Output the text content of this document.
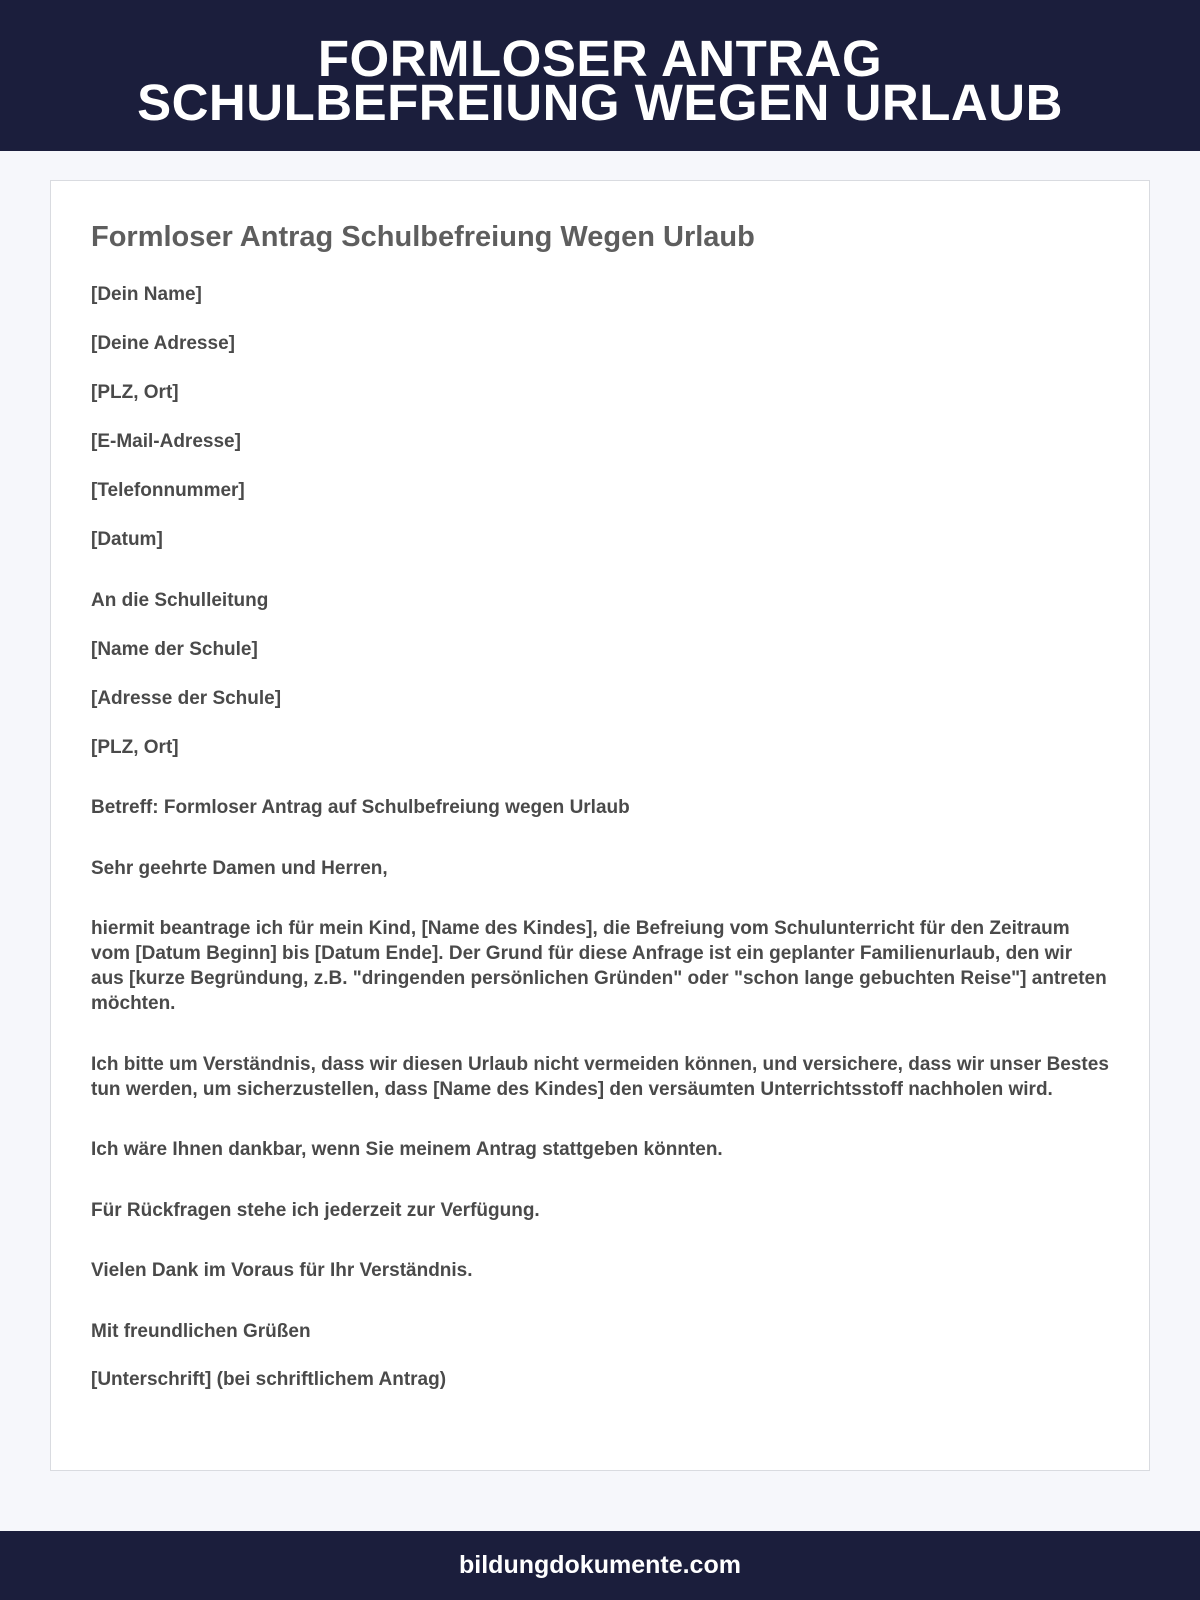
FORMLOSER ANTRAG
SCHULBEFREIUNG WEGEN URLAUB
Formloser Antrag Schulbefreiung Wegen Urlaub

[Dein Name]

[Deine Adresse]

[PLZ, Ort]

[E-Mail-Adresse]

[Telefonnummer]

[Datum]

An die Schulleitung

[Name der Schule]

[Adresse der Schule]

[PLZ, Ort]

Betreff: Formloser Antrag auf Schulbefreiung wegen Urlaub

Sehr geehrte Damen und Herren,

hiermit beantrage ich für mein Kind, [Name des Kindes], die Befreiung vom Schulunterricht für den Zeitraum vom [Datum Beginn] bis [Datum Ende]. Der Grund für diese Anfrage ist ein geplanter Familienurlaub, den wir aus [kurze Begründung, z.B. "dringenden persönlichen Gründen" oder "schon lange gebuchten Reise"] antreten möchten.

Ich bitte um Verständnis, dass wir diesen Urlaub nicht vermeiden können, und versichere, dass wir unser Bestes tun werden, um sicherzustellen, dass [Name des Kindes] den versäumten Unterrichtsstoff nachholen wird.

Ich wäre Ihnen dankbar, wenn Sie meinem Antrag stattgeben könnten.

Für Rückfragen stehe ich jederzeit zur Verfügung.

Vielen Dank im Voraus für Ihr Verständnis.

Mit freundlichen Grüßen

[Unterschrift] (bei schriftlichem Antrag)

bildungdokumente.com
